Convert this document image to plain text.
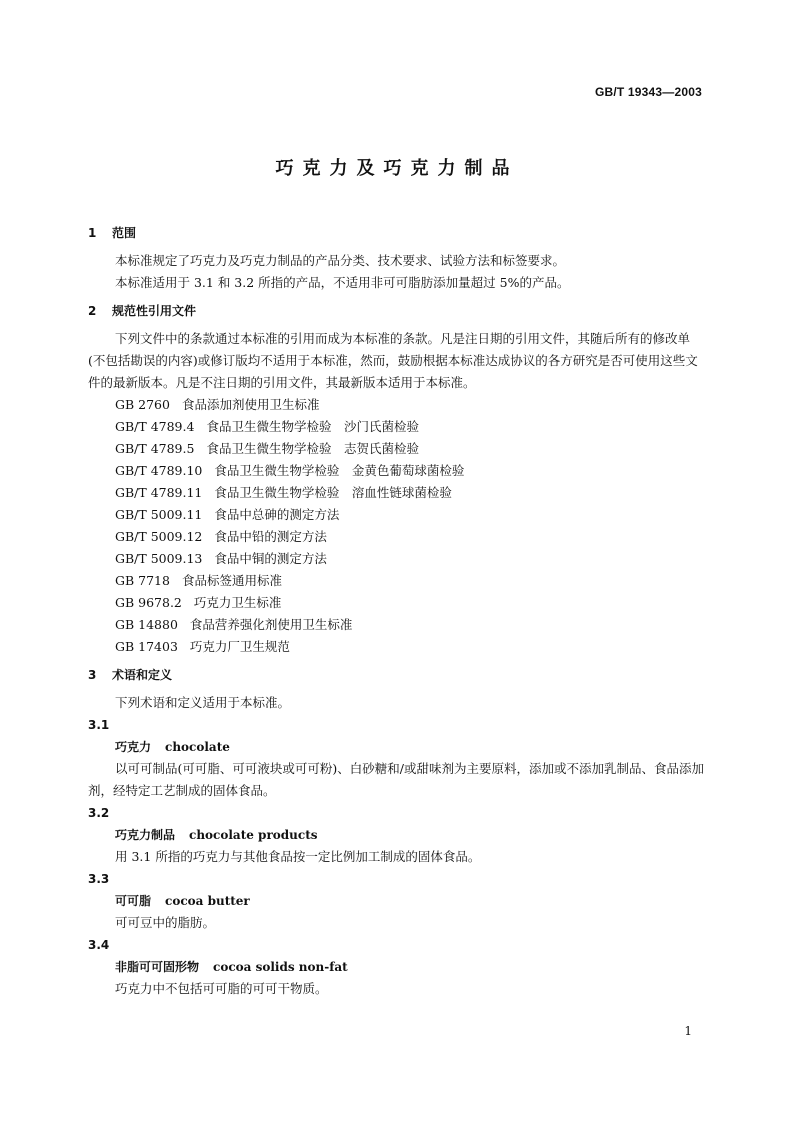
GB/T 19343—2003
巧克力及巧克力制品
1 范围
本标准规定了巧克力及巧克力制品的产品分类、技术要求、试验方法和标签要求。
本标准适用于 3.1 和 3.2 所指的产品，不适用非可可脂肪添加量超过 5%的产品。
2 规范性引用文件
下列文件中的条款通过本标准的引用而成为本标准的条款。凡是注日期的引用文件，其随后所有的修改单(不包括勘误的内容)或修订版均不适用于本标准，然而，鼓励根据本标准达成协议的各方研究是否可使用这些文件的最新版本。凡是不注日期的引用文件，其最新版本适用于本标准。
GB 2760 食品添加剂使用卫生标准
GB/T 4789.4 食品卫生微生物学检验　沙门氏菌检验
GB/T 4789.5 食品卫生微生物学检验　志贺氏菌检验
GB/T 4789.10 食品卫生微生物学检验　金黄色葡萄球菌检验
GB/T 4789.11 食品卫生微生物学检验　溶血性链球菌检验
GB/T 5009.11 食品中总砷的测定方法
GB/T 5009.12 食品中铅的测定方法
GB/T 5009.13 食品中铜的测定方法
GB 7718 食品标签通用标准
GB 9678.2 巧克力卫生标准
GB 14880 食品营养强化剂使用卫生标准
GB 17403 巧克力厂卫生规范
3 术语和定义
下列术语和定义适用于本标准。
3.1
巧克力 chocolate
以可可制品(可可脂、可可液块或可可粉)、白砂糖和/或甜味剂为主要原料，添加或不添加乳制品、食品添加剂，经特定工艺制成的固体食品。
3.2
巧克力制品 chocolate products
用 3.1 所指的巧克力与其他食品按一定比例加工制成的固体食品。
3.3
可可脂 cocoa butter
可可豆中的脂肪。
3.4
非脂可可固形物 cocoa solids non-fat
巧克力中不包括可可脂的可可干物质。
1
